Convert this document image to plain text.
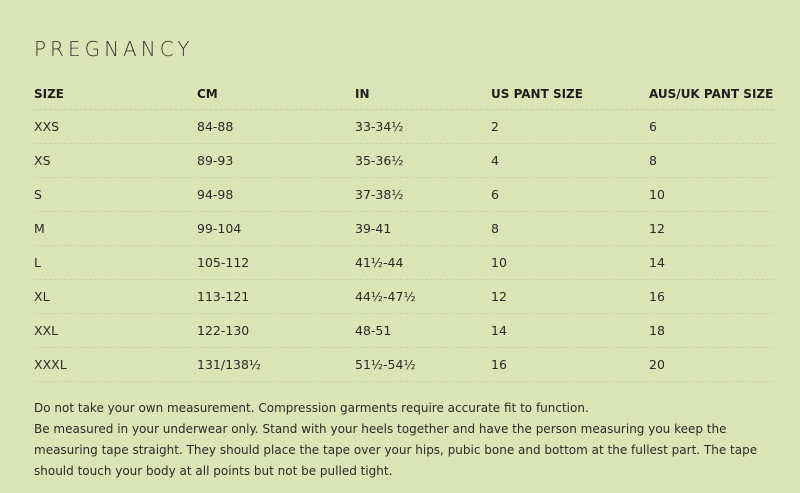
PREGNANCY
SIZE	CM	IN	US PANT SIZE	AUS/UK PANT SIZE
XXS	84-88	33-34½	2	6
XS	89-93	35-36½	4	8
S	94-98	37-38½	6	10
M	99-104	39-41	8	12
L	105-112	41½-44	10	14
XL	113-121	44½-47½	12	16
XXL	122-130	48-51	14	18
XXXL	131/138½	51½-54½	16	20

Do not take your own measurement. Compression garments require accurate fit to function.

Be measured in your underwear only. Stand with your heels together and have the person measuring you keep the measuring tape straight. They should place the tape over your hips, pubic bone and bottom at the fullest part. The tape should touch your body at all points but not be pulled tight.
